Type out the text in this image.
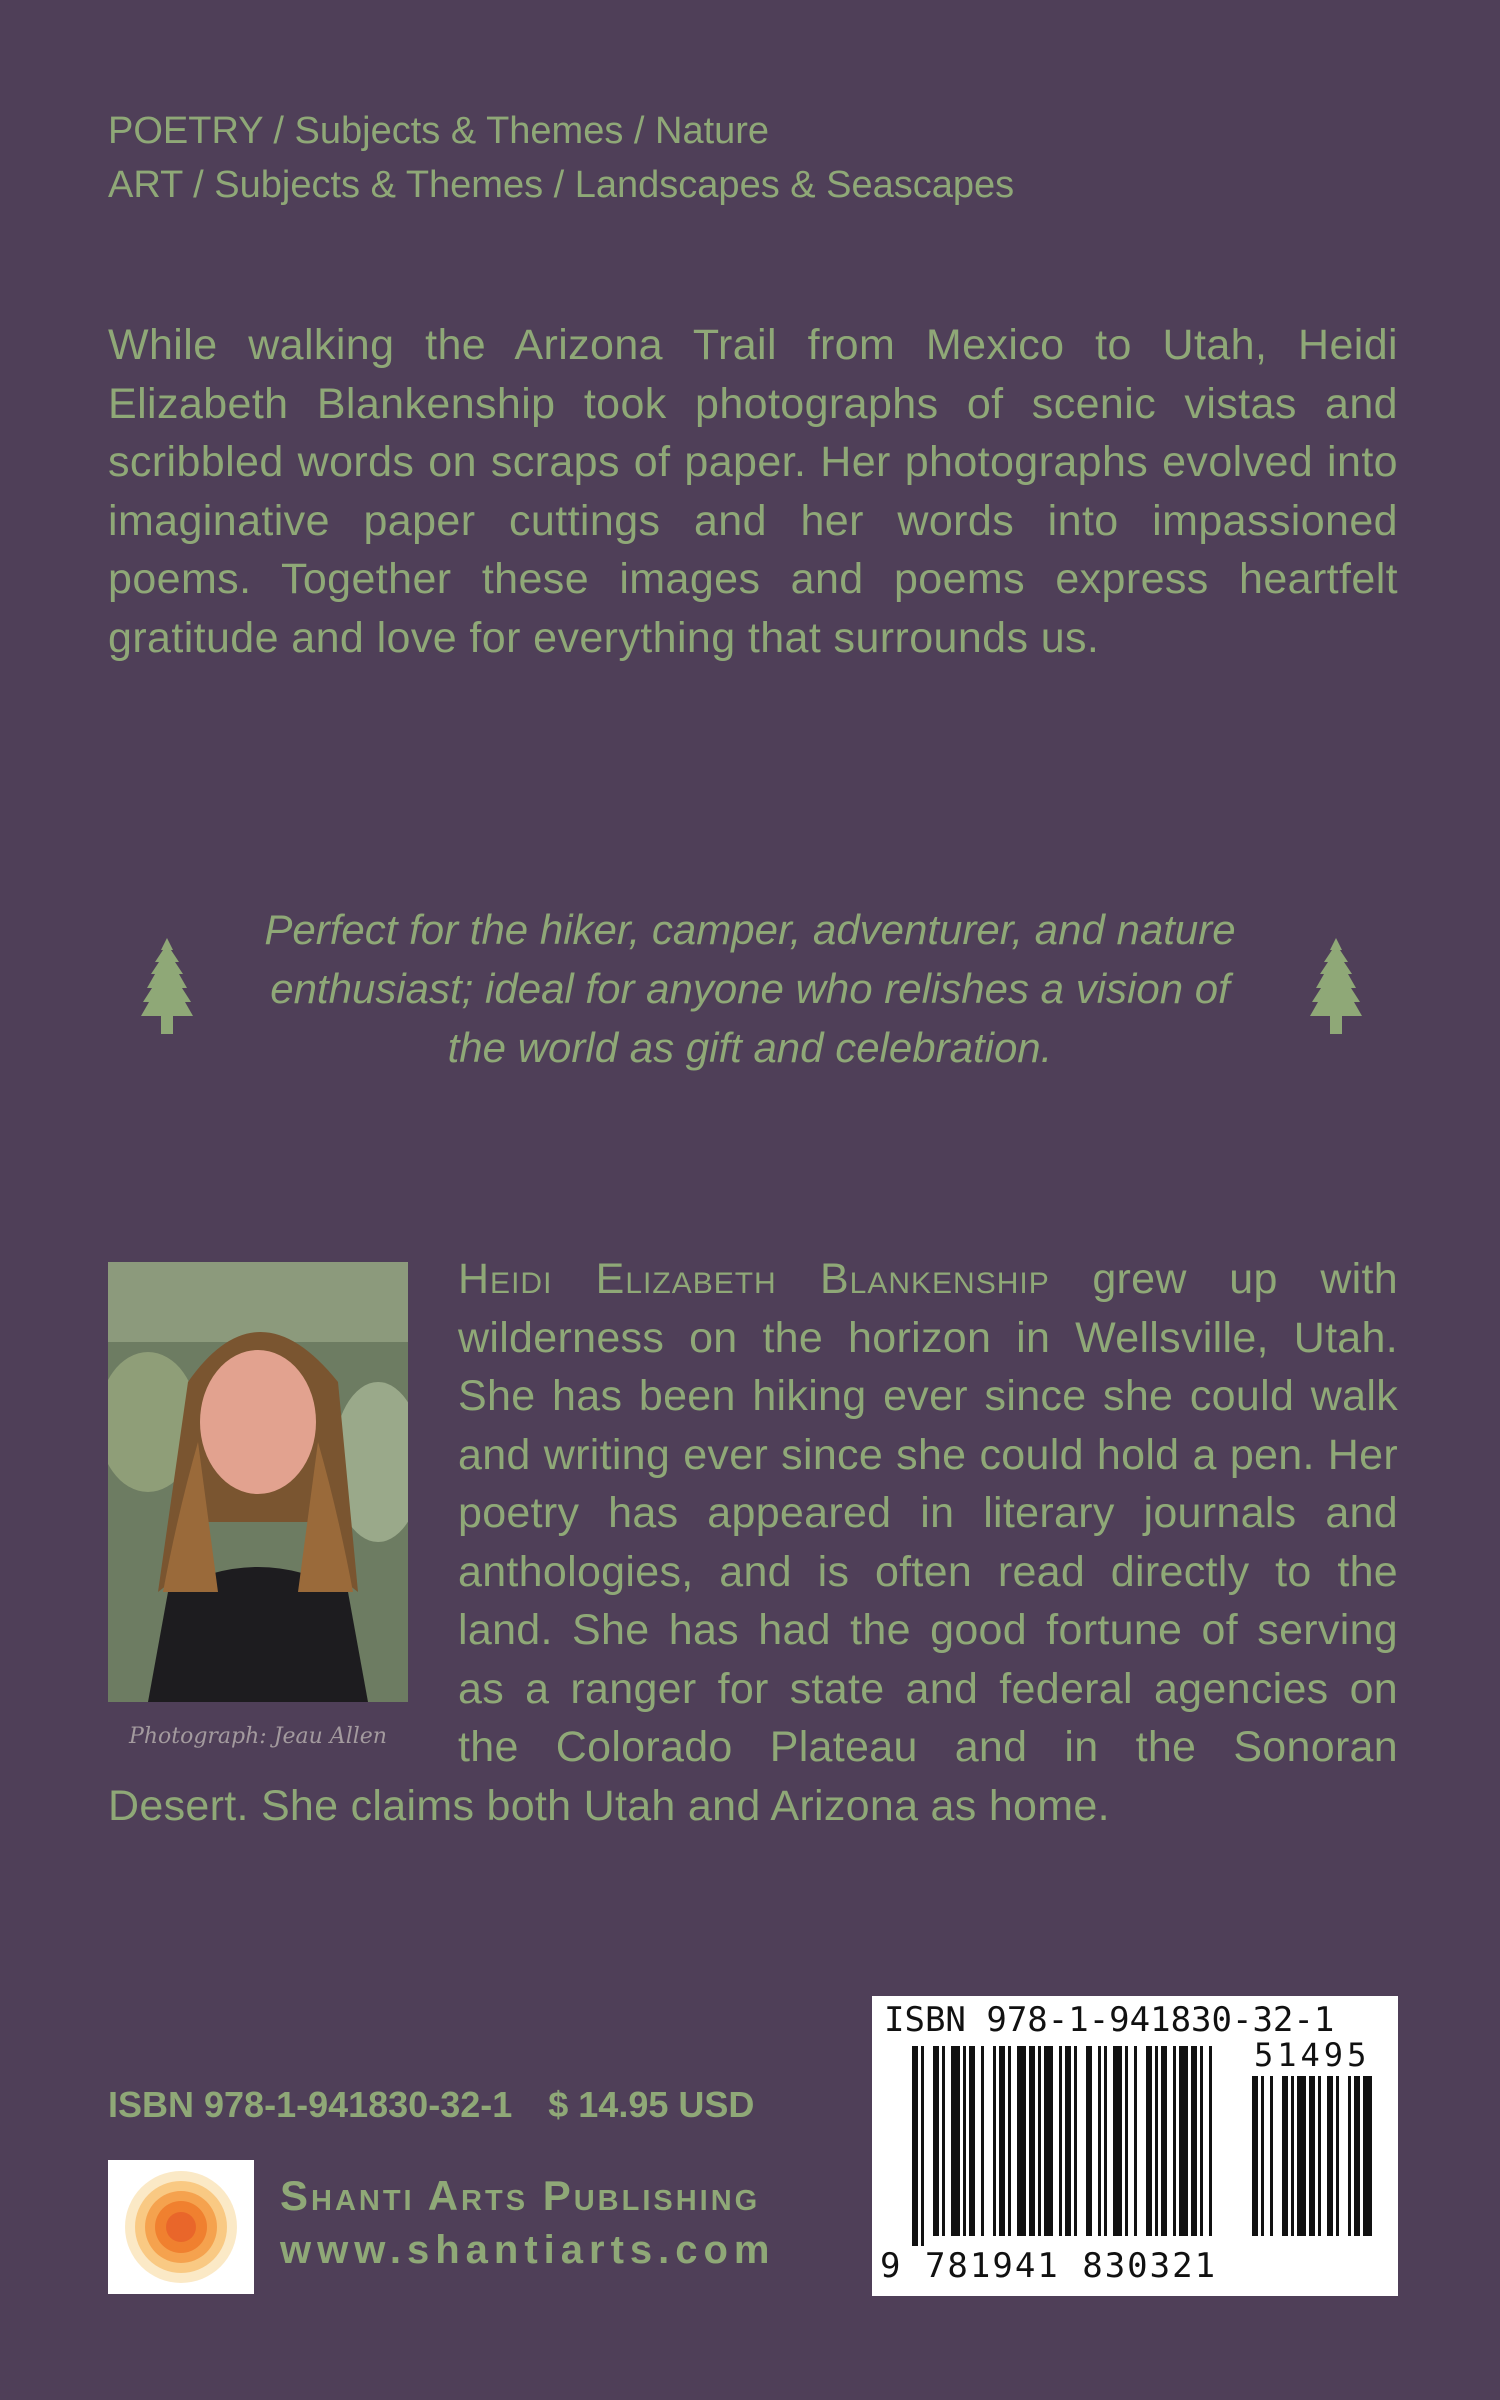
POETRY / Subjects & Themes / Nature
ART / Subjects & Themes / Landscapes & Seascapes
While walking the Arizona Trail from Mexico to Utah, Heidi Elizabeth Blankenship took photographs of scenic vistas and scribbled words on scraps of paper. Her photographs evolved into imaginative paper cuttings and her words into impassioned poems. Together these images and poems express heartfelt gratitude and love for everything that surrounds us.
Perfect for the hiker, camper, adventurer, and nature enthusiast; ideal for anyone who relishes a vision of the world as gift and celebration.
Photograph: Jeau Allen
Heidi Elizabeth Blankenship grew up with wilderness on the horizon in Wellsville, Utah. She has been hiking ever since she could walk and writing ever since she could hold a pen. Her poetry has appeared in literary journals and anthologies, and is often read directly to the land. She has had the good fortune of serving as a ranger for state and federal agencies on the Colorado Plateau and in the Sonoran Desert. She claims both Utah and Arizona as home.
ISBN 978-1-941830-32-1 $ 14.95 USD
Shanti Arts Publishing
www.shantiarts.com
ISBN 978-1-941830-32-1
51495
9 781941 830321
